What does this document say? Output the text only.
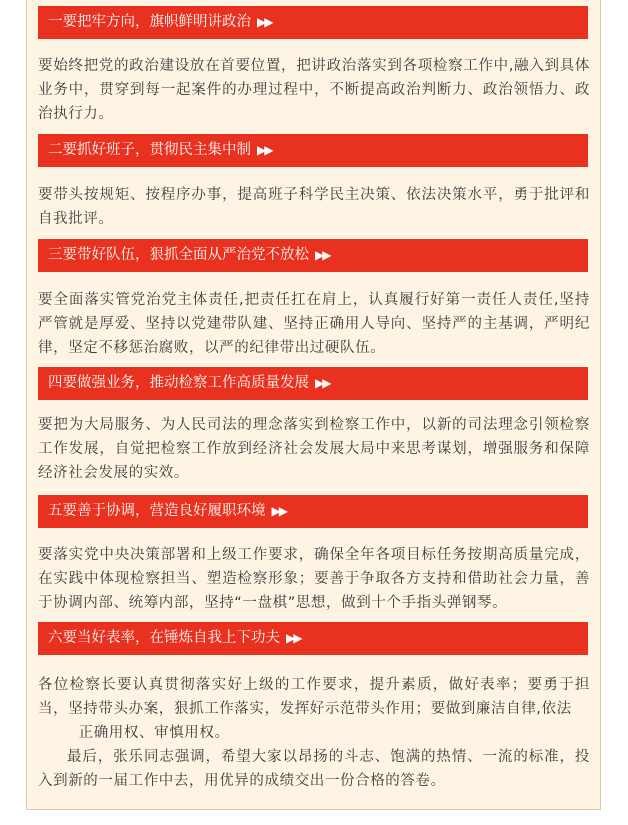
一要把牢方向，旗帜鲜明讲政治 ▶▶
要始终把党的政治建设放在首要位置，把讲政治落实到各项检察工作中,融入到具体业务中，贯穿到每一起案件的办理过程中，不断提高政治判断力、政治领悟力、政治执行力。
二要抓好班子，贯彻民主集中制 ▶▶
要带头按规矩、按程序办事，提高班子科学民主决策、依法决策水平，勇于批评和自我批评。
三要带好队伍，狠抓全面从严治党不放松 ▶▶
要全面落实管党治党主体责任,把责任扛在肩上，认真履行好第一责任人责任,坚持严管就是厚爱、坚持以党建带队建、坚持正确用人导向、坚持严的主基调，严明纪律，坚定不移惩治腐败，以严的纪律带出过硬队伍。
四要做强业务，推动检察工作高质量发展 ▶▶
要把为大局服务、为人民司法的理念落实到检察工作中，以新的司法理念引领检察工作发展，自觉把检察工作放到经济社会发展大局中来思考谋划，增强服务和保障经济社会发展的实效。
五要善于协调，营造良好履职环境 ▶▶
要落实党中央决策部署和上级工作要求，确保全年各项目标任务按期高质量完成，在实践中体现检察担当、塑造检察形象；要善于争取各方支持和借助社会力量，善于协调内部、统筹内部，坚持“一盘棋”思想，做到十个手指头弹钢琴。
六要当好表率，在锤炼自我上下功夫 ▶▶
各位检察长要认真贯彻落实好上级的工作要求，提升素质，做好表率；要勇于担当，坚持带头办案，狠抓工作落实，发挥好示范带头作用；要做到廉洁自律,依法
正确用权、审慎用权。
最后，张乐同志强调，希望大家以昂扬的斗志、饱满的热情、一流的标准，投入到新的一届工作中去，用优异的成绩交出一份合格的答卷。
